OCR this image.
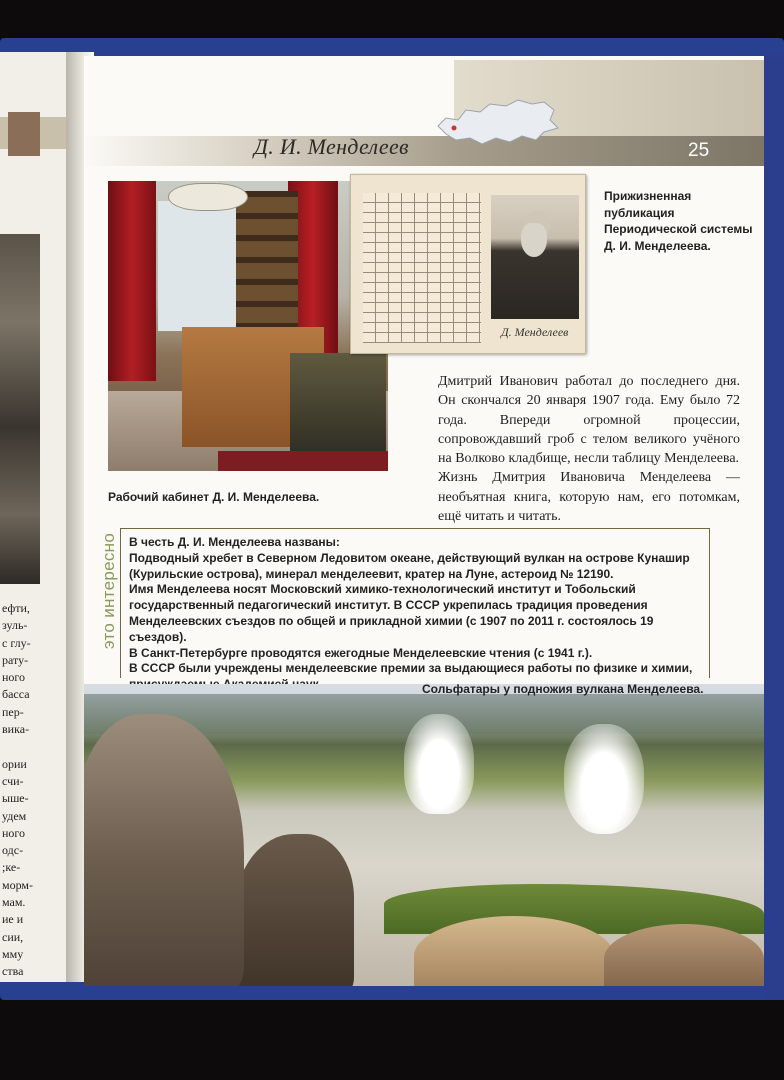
ефти,
зуль-
с глу-
рату-
ного
басса
пер-
вика-

ории
счи-
ыше-
удем
ного
одс-
;ке-
морм-
мам.
ие и
сии,
мму
ства
Д. И. Менделеев	25
Д. Менделеев
Прижизненная публикация Периодической системы Д. И. Менделеева.
Рабочий кабинет Д. И. Менделеева.

Дмитрий Иванович работал до последнего дня. Он скончался 20 января 1907 года. Ему было 72 года. Впереди огромной процессии, сопровождавший гроб с телом великого учёного на Волково кладбище, несли таблицу Менделеева.

Жизнь Дмитрия Ивановича Менделеева — необъятная книга, которую нам, его потомкам, ещё читать и читать.

это интересно В честь Д. И. Менделеева названы:
Подводный хребет в Северном Ледовитом океане, действующий вулкан на острове Кунашир (Курильские острова), минерал менделеевит, кратер на Луне, астероид № 12190.
Имя Менделеева носят Московский химико-технологический институт и Тобольский государственный педагогический институт. В СССР укрепилась традиция проведения Менделеевских съездов по общей и прикладной химии (с 1907 по 2011 г. состоялось 19 съездов).
В Санкт-Петербурге проводятся ежегодные Менделеевские чтения (с 1941 г.).
В СССР были учреждены менделеевские премии за выдающиеся работы по физике и химии,
Сольфатары у подножия вулкана Менделеева.
